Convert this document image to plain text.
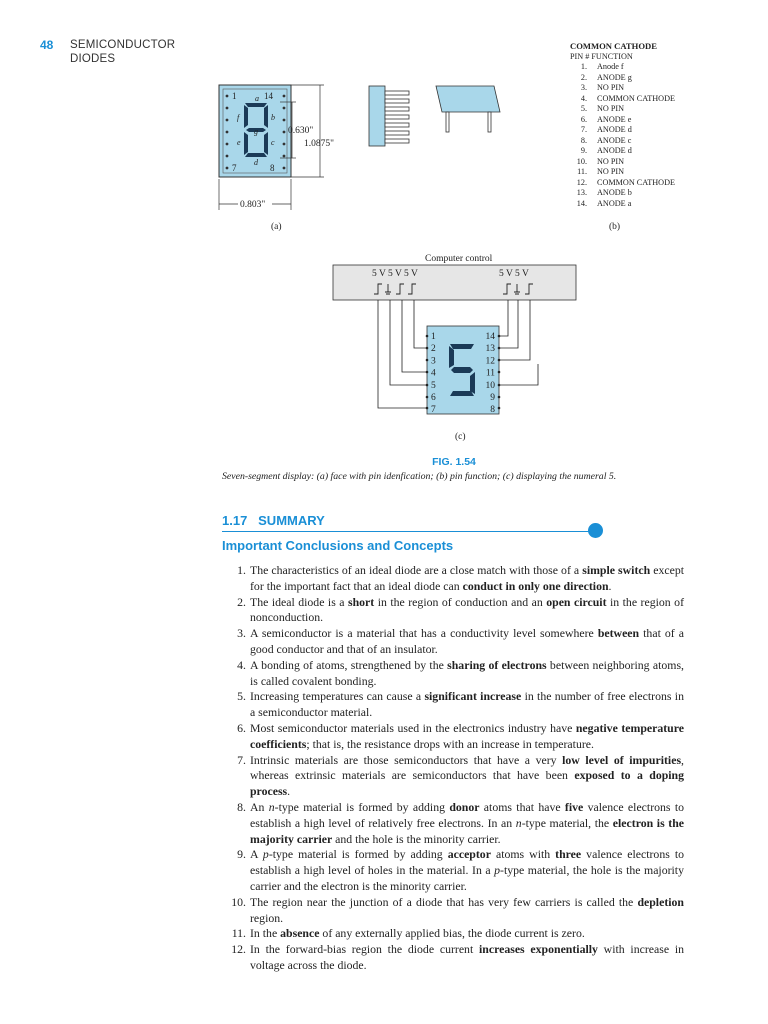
48 SEMICONDUCTOR
DIODES
1	14
7	8
a
b
c
d
e
f
g	0.630"
1.0875"
0.803"
(a)
COMMON CATHODE
PIN # FUNCTION
1. Anode f
2. ANODE g
3. NO PIN
4. COMMON CATHODE
5. NO PIN
6. ANODE e
7. ANODE d
8. ANODE c
9. ANODE d
10. NO PIN
11. NO PIN
12. COMMON CATHODE
13. ANODE b
14. ANODE a
(b)
Computer control
5 V 5 V 5 V	5 V 5 V
1
2
3
4
5
6
7
14
13
12
11
10
9
8
(c)
FIG. 1.54
Seven-segment display: (a) face with pin idenfication; (b) pin function; (c) displaying the numeral 5.
1.17   SUMMARY
Important Conclusions and Concepts
1. The characteristics of an ideal diode are a close match with those of a simple switch except for the important fact that an ideal diode can conduct in only one direction.
2. The ideal diode is a short in the region of conduction and an open circuit in the region of nonconduction.
3. A semiconductor is a material that has a conductivity level somewhere between that of a good conductor and that of an insulator.
4. A bonding of atoms, strengthened by the sharing of electrons between neighboring atoms, is called covalent bonding.
5. Increasing temperatures can cause a significant increase in the number of free electrons in a semiconductor material.
6. Most semiconductor materials used in the electronics industry have negative temperature coefficients; that is, the resistance drops with an increase in temperature.
7. Intrinsic materials are those semiconductors that have a very low level of impurities, whereas extrinsic materials are semiconductors that have been exposed to a doping process.
8. An n-type material is formed by adding donor atoms that have five valence electrons to establish a high level of relatively free electrons. In an n-type material, the electron is the majority carrier and the hole is the minority carrier.
9. A p-type material is formed by adding acceptor atoms with three valence electrons to establish a high level of holes in the material. In a p-type material, the hole is the majority carrier and the electron is the minority carrier.
10. The region near the junction of a diode that has very few carriers is called the depletion region.
11. In the absence of any externally applied bias, the diode current is zero.
12. In the forward-bias region the diode current increases exponentially with increase in voltage across the diode.
